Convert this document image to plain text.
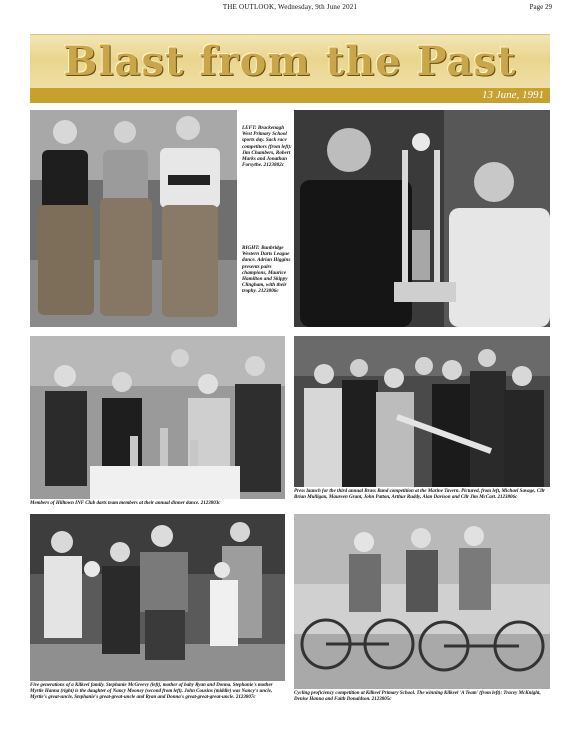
THE OUTLOOK, Wednesday, 9th June 2021	Page 29
Blast from the Past
13 June, 1991
LEFT: Brackenagh West Primary School sports day. Sack race competitors (from left): Jim Chambers, Robert Marks and Jonathan Forsythe. 2123802c
RIGHT: Banbridge Western Darts League dance. Adrian Higgins presents pairs champions, Maurice Hamilton and Skippy Clingham, with their trophy. 2123806c
Members of Hilltown INF Club darts team members at their annual dinner dance. 2123803c
Press launch for the third annual Brass Band competition at the Marine Tavern. Pictured, from left, Michael Savage, Cllr Brian Mulligan, Maureen Grant, John Patton, Arthur Ruddy, Alan Davison and Cllr Jim McCart. 2123806c
Five generations of a Kilkeel family. Stephanie McGreevy (left), mother of baby Ryan and Donna. Stephanie's mother Myrtle Hanna (right) is the daughter of Nancy Mooney (second from left). John Cousins (middle) was Nancy's uncle, Myrtle's great-uncle, Stephanie's great-great-uncle and Ryan and Donna's great-great-great-uncle. 2123807c
Cycling proficiency competition at Kilkeel Primary School. The winning Kilkeel 'A Team' (from left): Tracey McKnight, Denise Hanna and Faith Donaldson. 2123805c
